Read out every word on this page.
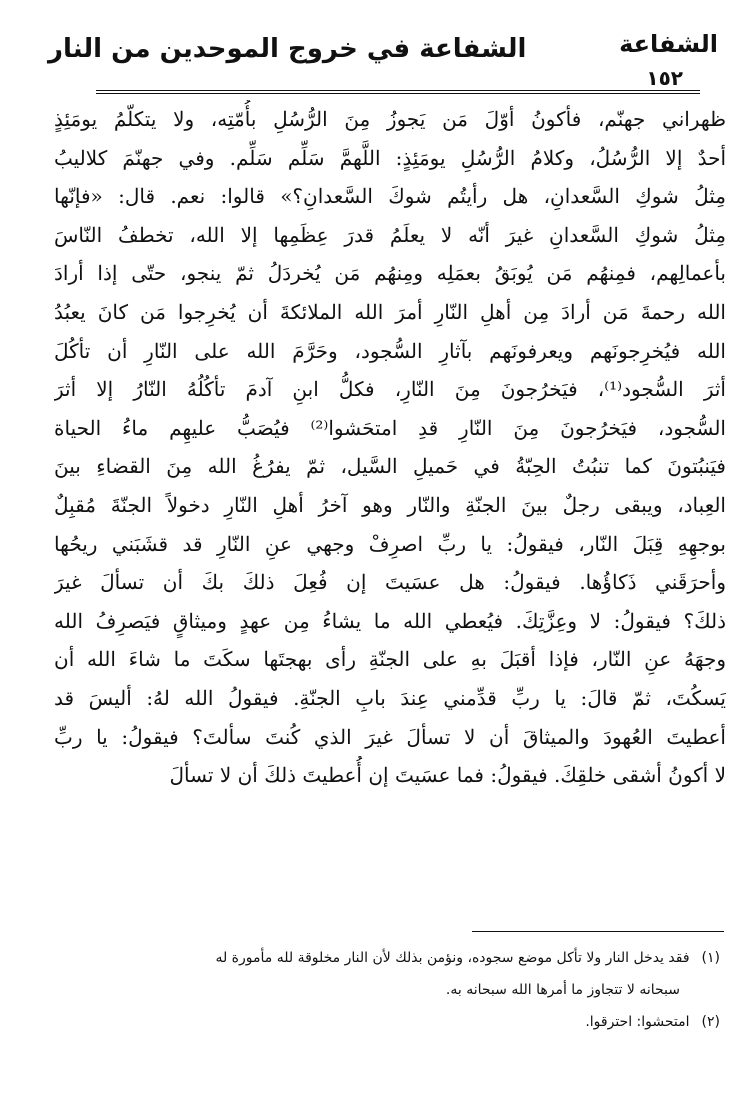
الشفاعة
١٥٢
الشفاعة في خروج الموحدين من النار
ظهراني جهنّم، فأكونُ أوّلَ مَن يَجوزُ مِنَ الرُّسُلِ بأُمّتِه، ولا يتكلّمُ يومَئِذٍ
أحدٌ إلا الرُّسُلُ، وكلامُ الرُّسُلِ يومَئِذٍ: اللَّهمَّ سَلِّم سَلِّم. وفي جهنّمَ كلاليبُ
مِثلُ شوكِ السَّعدانِ، هل رأيتُم شوكَ السَّعدانِ؟» قالوا: نعم. قال: «فإنّها
مِثلُ شوكِ السَّعدانِ غيرَ أنّه لا يعلَمُ قدرَ عِظَمِها إلا الله، تخطفُ النّاسَ
بأعمالِهم، فمِنهُم مَن يُوبَقُ بعمَلِه ومِنهُم مَن يُخردَلُ ثمّ ينجو، حتّى إذا أرادَ
الله رحمةَ مَن أرادَ مِن أهلِ النّارِ أمرَ الله الملائكةَ أن يُخرِجوا مَن كانَ يعبُدُ
الله فيُخرِجونَهم ويعرفونَهم بآثارِ السُّجود، وحَرَّمَ الله على النّارِ أن تأكُلَ
أثرَ السُّجود⁽¹⁾، فيَخرُجونَ مِنَ النّارِ، فكلُّ ابنِ آدمَ تأكُلُهُ النّارُ إلا أثرَ
السُّجود، فيَخرُجونَ مِنَ النّارِ قدِ امتحَشوا⁽²⁾ فيُصَبُّ عليهِم ماءُ الحياة
فيَنبُتونَ كما تنبُتُ الحِبّةُ في حَميلِ السَّيل، ثمّ يفرُغُ الله مِنَ القضاءِ بينَ
العِباد، ويبقى رجلٌ بينَ الجنّةِ والنّار وهو آخرُ أهلِ النّارِ دخولاً الجنّةَ مُقبِلٌ
بوجهِهِ قِبَلَ النّار، فيقولُ: يا ربِّ اصرِفْ وجهي عنِ النّارِ قد قشَبَني ريحُها
وأحرَقَني ذَكاؤُها. فيقولُ: هل عسَيتَ إن فُعِلَ ذلكَ بكَ أن تسألَ غيرَ
ذلكَ؟ فيقولُ: لا وعِزَّتِكَ. فيُعطي الله ما يشاءُ مِن عهدٍ وميثاقٍ فيَصرِفُ الله
وجهَهُ عنِ النّار، فإذا أقبَلَ بهِ على الجنّةِ رأى بهجتَها سكَتَ ما شاءَ الله أن
يَسكُتَ، ثمّ قالَ: يا ربِّ قدِّمني عِندَ بابِ الجنّةِ. فيقولُ الله لهُ: أليسَ قد
أعطيتَ العُهودَ والميثاقَ أن لا تسألَ غيرَ الذي كُنتَ سألتَ؟ فيقولُ: يا ربِّ
لا أكونُ أشقى خلقِكَ. فيقولُ: فما عسَيتَ إن أُعطيتَ ذلكَ أن لا تسألَ
(١)فقد يدخل النار ولا تأكل موضع سجوده، ونؤمن بذلك لأن النار مخلوقة لله مأمورة له
سبحانه لا تتجاوز ما أمرها الله سبحانه به.
(٢)امتحشوا: احترقوا.
